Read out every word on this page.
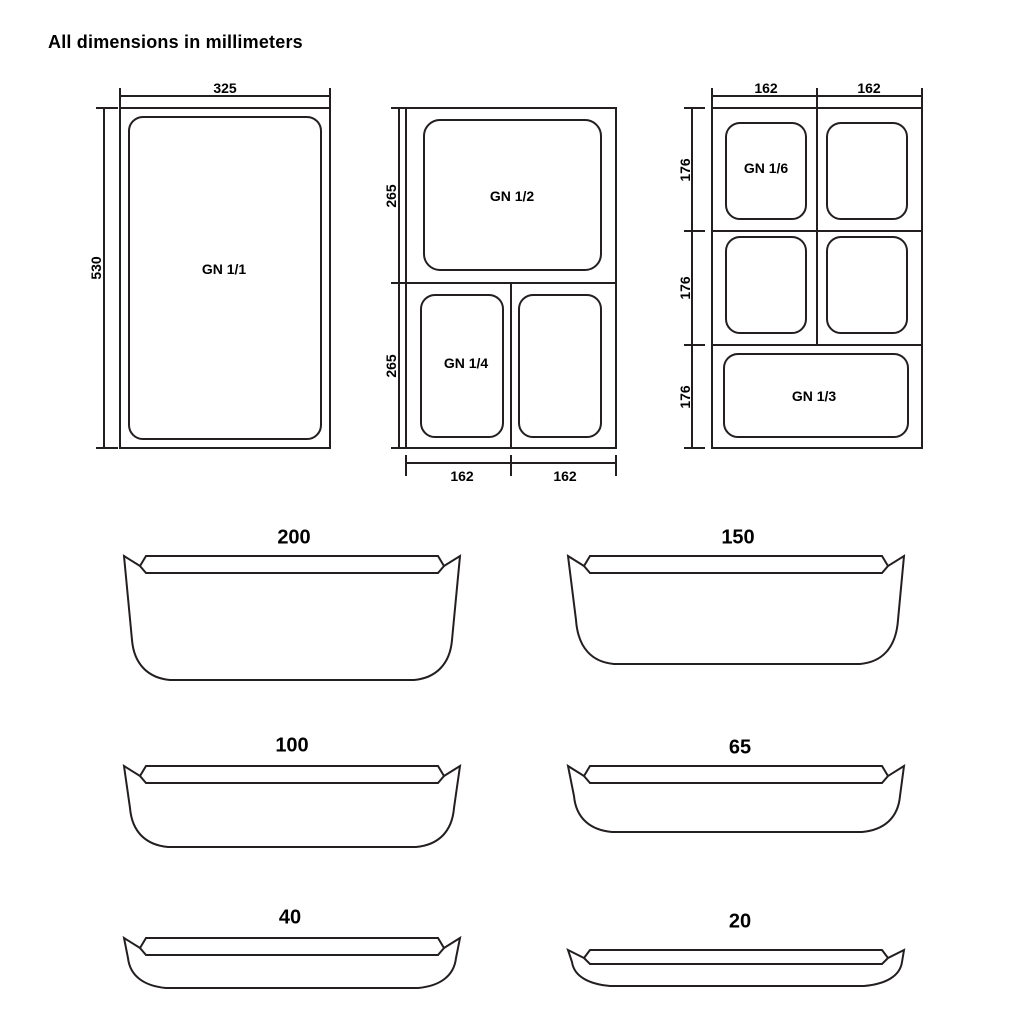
All dimensions in millimeters
325
530	GN 1/1
265
265
162	162
GN 1/2
GN 1/4
162	162
176
176
176
GN 1/6
GN 1/3
200	150
100	65
40	20
